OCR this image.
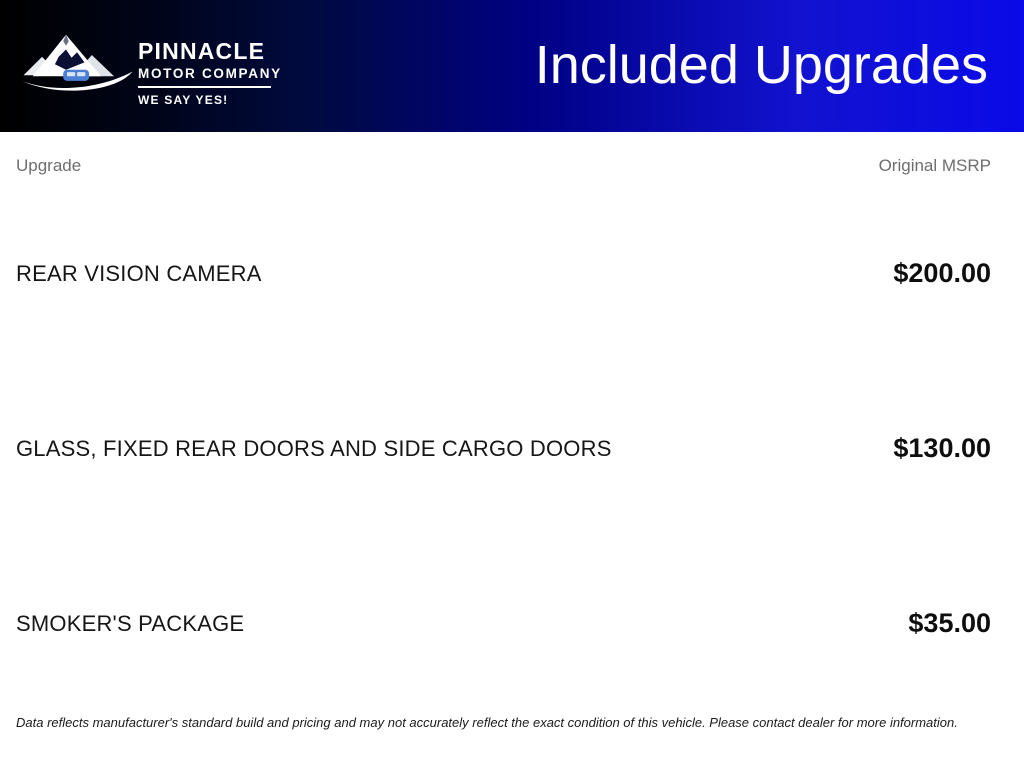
PINNACLE
MOTOR COMPANY
WE SAY YES!
Included Upgrades
Upgrade	Original MSRP
REAR VISION CAMERA	$200.00
GLASS, FIXED REAR DOORS AND SIDE CARGO DOORS	$130.00
SMOKER'S PACKAGE	$35.00

Data reflects manufacturer's standard build and pricing and may not accurately reflect the exact condition of this vehicle. Please contact dealer for more information.
